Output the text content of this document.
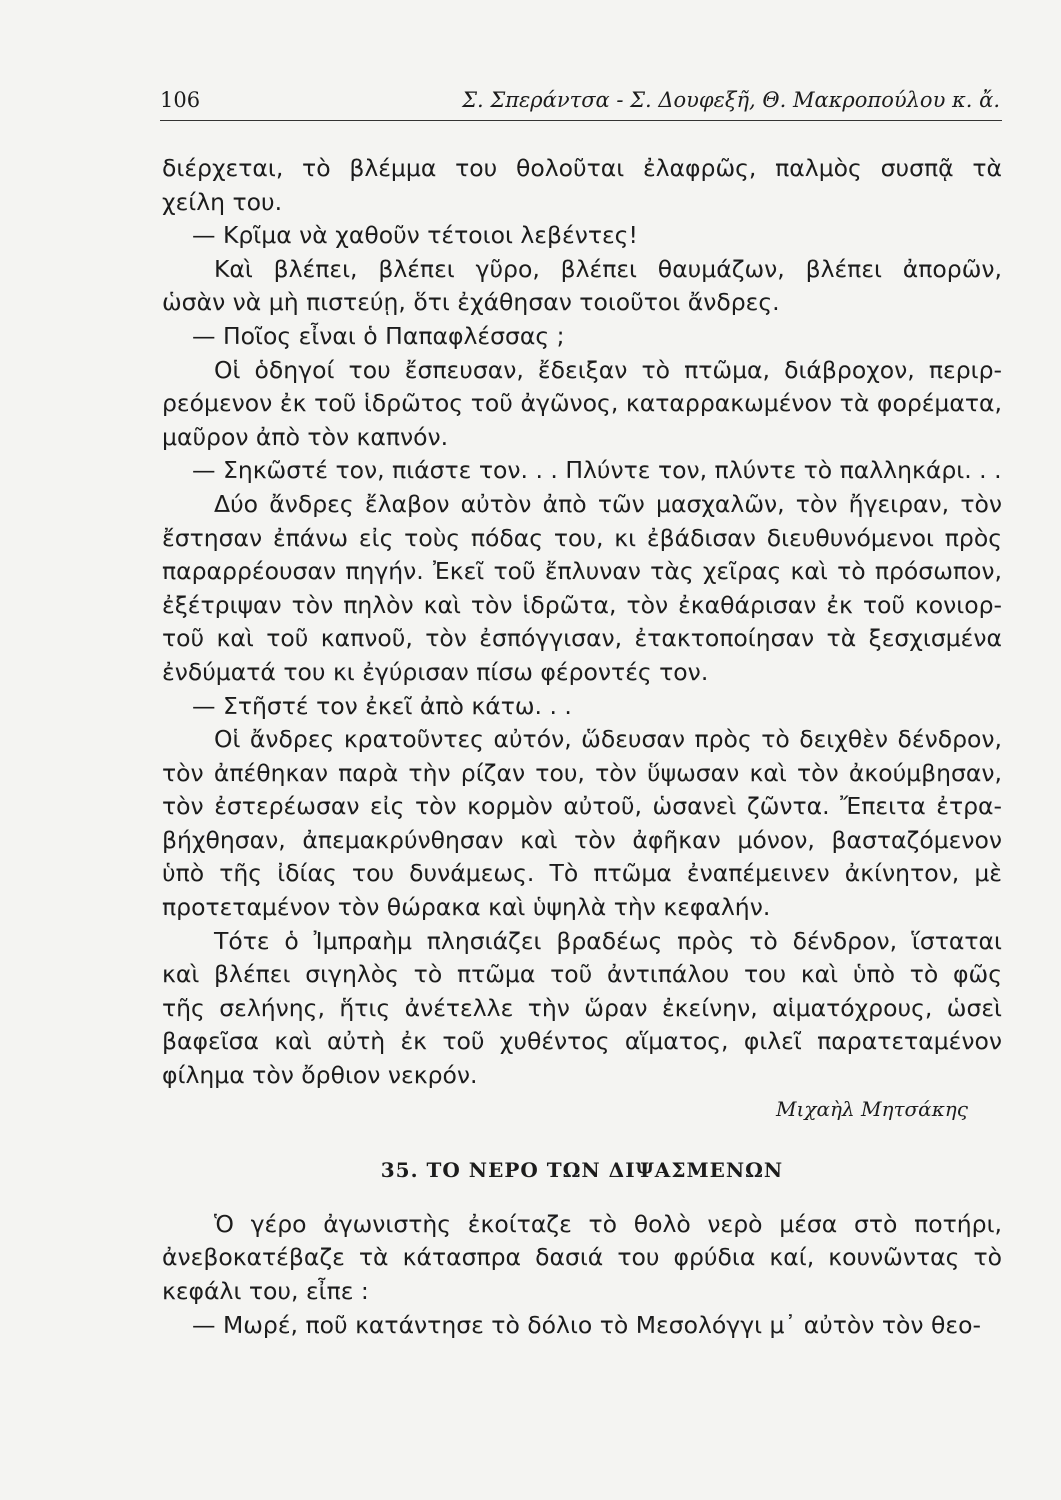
106	Σ. Σπεράντσα - Σ. Δουφεξῆ, Θ. Μακροπούλου κ. ἄ.

διέρχεται, τὸ βλέμμα του θολοῦται ἐλαφρῶς, παλμὸς συσπᾷ τὰ

χείλη του.

— Κρῖμα νὰ χαθοῦν τέτοιοι λεβέντες!

Καὶ βλέπει, βλέπει γῦρο, βλέπει θαυμάζων, βλέπει ἀπορῶν,

ὡσὰν νὰ μὴ πιστεύῃ, ὅτι ἐχάθησαν τοιοῦτοι ἄνδρες.

— Ποῖος εἶναι ὁ Παπαφλέσσας ;

Οἱ ὁδηγοί του ἔσπευσαν, ἔδειξαν τὸ πτῶμα, διάβροχον, περιρ-

ρεόμενον ἐκ τοῦ ἱδρῶτος τοῦ ἀγῶνος, καταρρακωμένον τὰ φορέματα,

μαῦρον ἀπὸ τὸν καπνόν.

— Σηκῶστέ τον, πιάστε τον. . . Πλύντε τον, πλύντε τὸ παλληκάρι. . .

Δύο ἄνδρες ἔλαβον αὐτὸν ἀπὸ τῶν μασχαλῶν, τὸν ἤγειραν, τὸν

ἔστησαν ἐπάνω εἰς τοὺς πόδας του, κι ἐβάδισαν διευθυνόμενοι πρὸς

παραρρέουσαν πηγήν. Ἐκεῖ τοῦ ἔπλυναν τὰς χεῖρας καὶ τὸ πρόσωπον,

ἐξέτριψαν τὸν πηλὸν καὶ τὸν ἱδρῶτα, τὸν ἐκαθάρισαν ἐκ τοῦ κονιορ-

τοῦ καὶ τοῦ καπνοῦ, τὸν ἐσπόγγισαν, ἐτακτοποίησαν τὰ ξεσχισμένα

ἐνδύματά του κι ἐγύρισαν πίσω φέροντές τον.

— Στῆστέ τον ἐκεῖ ἀπὸ κάτω. . .

Οἱ ἄνδρες κρατοῦντες αὐτόν, ὥδευσαν πρὸς τὸ δειχθὲν δένδρον,

τὸν ἀπέθηκαν παρὰ τὴν ρίζαν του, τὸν ὕψωσαν καὶ τὸν ἀκούμβησαν,

τὸν ἐστερέωσαν εἰς τὸν κορμὸν αὐτοῦ, ὡσανεὶ ζῶντα. Ἔπειτα ἐτρα-

βήχθησαν, ἀπεμακρύνθησαν καὶ τὸν ἀφῆκαν μόνον, βασταζόμενον

ὑπὸ τῆς ἰδίας του δυνάμεως. Τὸ πτῶμα ἐναπέμεινεν ἀκίνητον, μὲ

προτεταμένον τὸν θώρακα καὶ ὑψηλὰ τὴν κεφαλήν.

Τότε ὁ Ἰμπραὴμ πλησιάζει βραδέως πρὸς τὸ δένδρον, ἵσταται

καὶ βλέπει σιγηλὸς τὸ πτῶμα τοῦ ἀντιπάλου του καὶ ὑπὸ τὸ φῶς

τῆς σελήνης, ἥτις ἀνέτελλε τὴν ὥραν ἐκείνην, αἱματόχρους, ὡσεὶ

βαφεῖσα καὶ αὐτὴ ἐκ τοῦ χυθέντος αἵματος, φιλεῖ παρατεταμένον

φίλημα τὸν ὄρθιον νεκρόν.

Μιχαὴλ Μητσάκης

35. ΤΟ ΝΕΡΟ ΤΩΝ ΔΙΨΑΣΜΕΝΩΝ

Ὁ γέρο ἀγωνιστὴς ἐκοίταζε τὸ θολὸ νερὸ μέσα στὸ ποτήρι,

ἀνεβοκατέβαζε τὰ κάτασπρα δασιά του φρύδια καί, κουνῶντας τὸ

κεφάλι του, εἶπε :

— Μωρέ, ποῦ κατάντησε τὸ δόλιο τὸ Μεσολόγγι μ᾿ αὐτὸν τὸν θεο-
